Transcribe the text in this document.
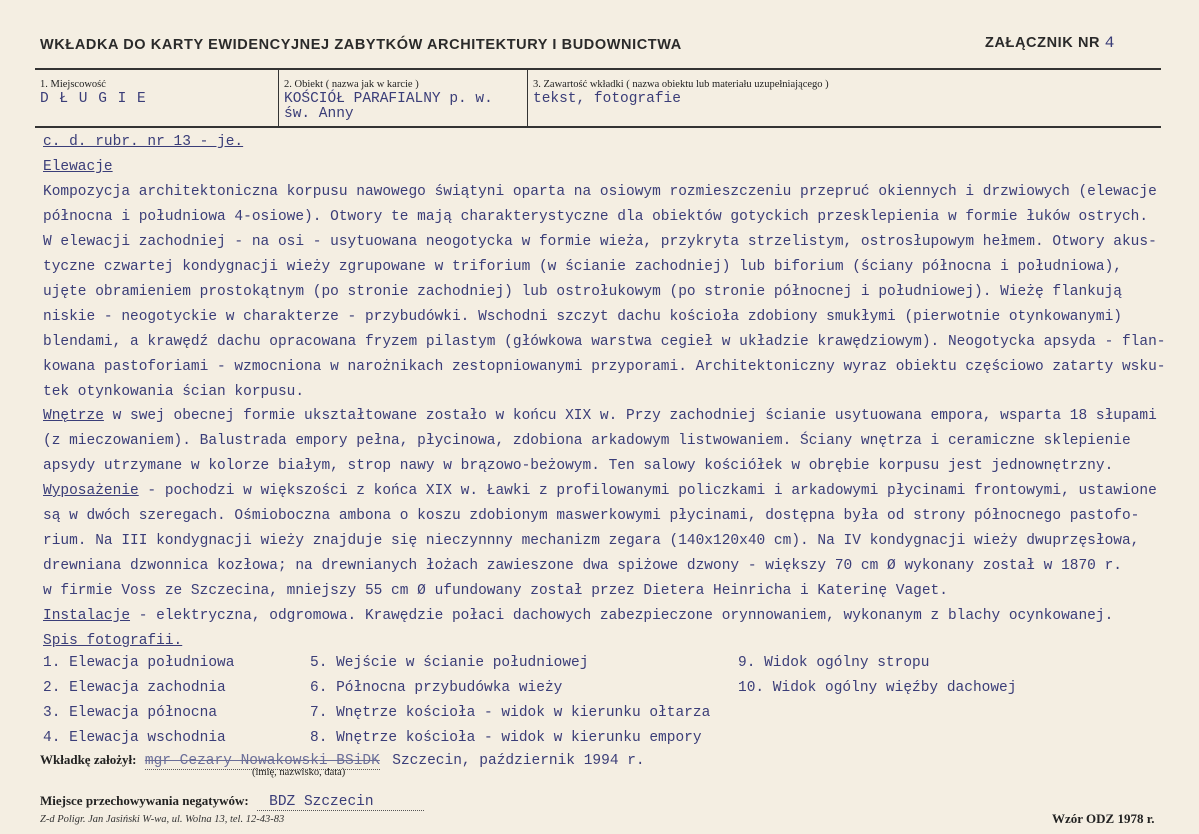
WKŁADKA DO KARTY EWIDENCYJNEJ ZABYTKÓW ARCHITEKTURY I BUDOWNICTWA	ZAŁĄCZNIK NR 4
1. Miejscowość
D Ł U G I E
2. Obiekt ( nazwa jak w karcie )
KOŚCIÓŁ PARAFIALNY p. w.
św. Anny
3. Zawartość wkładki ( nazwa obiektu lub materiału uzupełniającego )
tekst, fotografie
c. d. rubr. nr 13 - je.
Elewacje
Kompozycja architektoniczna korpusu nawowego świątyni oparta na osiowym rozmieszczeniu przepruć okiennych i drzwiowych (elewacje
północna i południowa 4-osiowe). Otwory te mają charakterystyczne dla obiektów gotyckich przesklepienia w formie łuków ostrych.
W elewacji zachodniej - na osi - usytuowana neogotycka w formie wieża, przykryta strzelistym, ostrosłupowym hełmem. Otwory akus-
tyczne czwartej kondygnacji wieży zgrupowane w triforium (w ścianie zachodniej) lub biforium (ściany północna i południowa),
ujęte obramieniem prostokątnym (po stronie zachodniej) lub ostrołukowym (po stronie północnej i południowej). Wieżę flankują
niskie - neogotyckie w charakterze - przybudówki. Wschodni szczyt dachu kościoła zdobiony smukłymi (pierwotnie otynkowanymi)
blendami, a krawędź dachu opracowana fryzem pilastym (główkowa warstwa cegieł w układzie krawędziowym). Neogotycka apsyda - flan-
kowana pastoforiami - wzmocniona w narożnikach zestopniowanymi przyporami. Architektoniczny wyraz obiektu częściowo zatarty wsku-
tek otynkowania ścian korpusu.
Wnętrze w swej obecnej formie ukształtowane zostało w końcu XIX w. Przy zachodniej ścianie usytuowana empora, wsparta 18 słupami
(z mieczowaniem). Balustrada empory pełna, płycinowa, zdobiona arkadowym listwowaniem. Ściany wnętrza i ceramiczne sklepienie
apsydy utrzymane w kolorze białym, strop nawy w brązowo-beżowym. Ten salowy kościółek w obrębie korpusu jest jednownętrzny.
Wyposażenie - pochodzi w większości z końca XIX w. Ławki z profilowanymi policzkami i arkadowymi płycinami frontowymi, ustawione
są w dwóch szeregach. Ośmioboczna ambona o koszu zdobionym maswerkowymi płycinami, dostępna była od strony północnego pastofo-
rium. Na III kondygnacji wieży znajduje się nieczynnny mechanizm zegara (140x120x40 cm). Na IV kondygnacji wieży dwuprzęsłowa,
drewniana dzwonnica kozłowa; na drewnianych łożach zawieszone dwa spiżowe dzwony - większy 70 cm Ø wykonany został w 1870 r.
w firmie Voss ze Szczecina, mniejszy 55 cm Ø ufundowany został przez Dietera Heinricha i Katerinę Vaget.
Instalacje - elektryczna, odgromowa. Krawędzie połaci dachowych zabezpieczone orynnowaniem, wykonanym z blachy ocynkowanej.
Spis fotografii.
1. Elewacja południowa
2. Elewacja zachodnia
3. Elewacja północna
4. Elewacja wschodnia
5. Wejście w ścianie południowej
6. Północna przybudówka wieży
7. Wnętrze kościoła - widok w kierunku ołtarza
8. Wnętrze kościoła - widok w kierunku empory
9. Widok ogólny stropu
10. Widok ogólny więźby dachowej
Wkładkę założył: mgr Cezary Nowakowski BSiDK Szczecin, październik 1994 r.
(imię, nazwisko, data)
Miejsce przechowywania negatywów: BDZ Szczecin
Z-d Poligr. Jan Jasiński W-wa, ul. Wolna 13, tel. 12-43-83	Wzór ODZ 1978 r.
